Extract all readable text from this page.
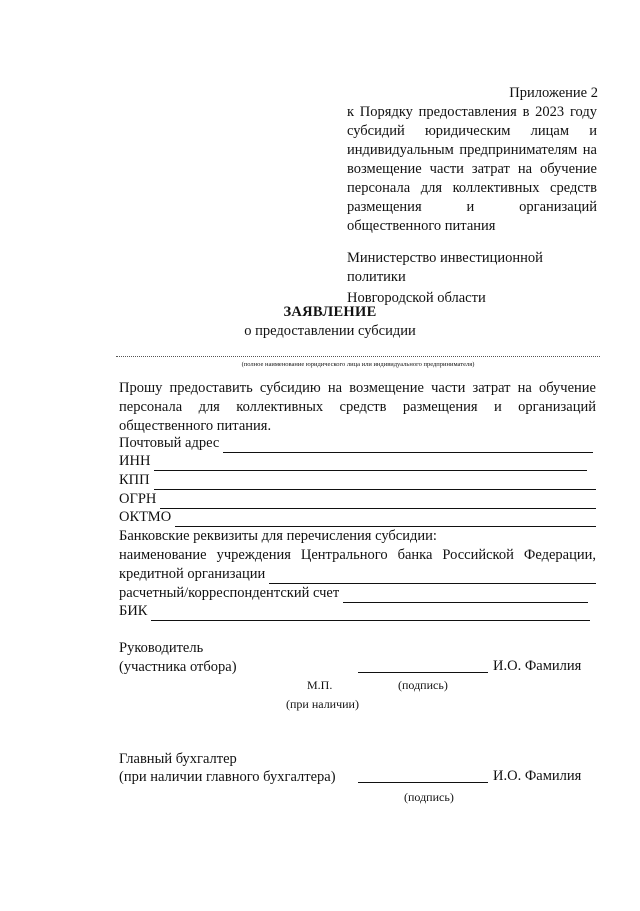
Приложение 2
к Порядку предоставления в 2023 году
субсидий юридическим лицам и
индивидуальным предпринимателям на
возмещение части затрат на обучение
персонала для коллективных средств
размещения и организаций
общественного питания
Министерство инвестиционной политики
Новгородской области
ЗАЯВЛЕНИЕ
о предоставлении субсидии
(полное наименование юридического лица или индивидуального предпринимателя)
Прошу предоставить субсидию на возмещение части затрат на обучение
персонала для коллективных средств размещения и организаций
общественного питания.
Почтовый адрес
ИНН
КПП
ОГРН
ОКТМО
Банковские реквизиты для перечисления субсидии:
наименование учреждения Центрального банка Российской Федерации,
кредитной организации
расчетный/корреспондентский счет
БИК
Руководитель
(участника отбора)	И.О. Фамилия
М.П.	(подпись)
(при наличии)
Главный бухгалтер
(при наличии главного бухгалтера)	И.О. Фамилия
(подпись)
